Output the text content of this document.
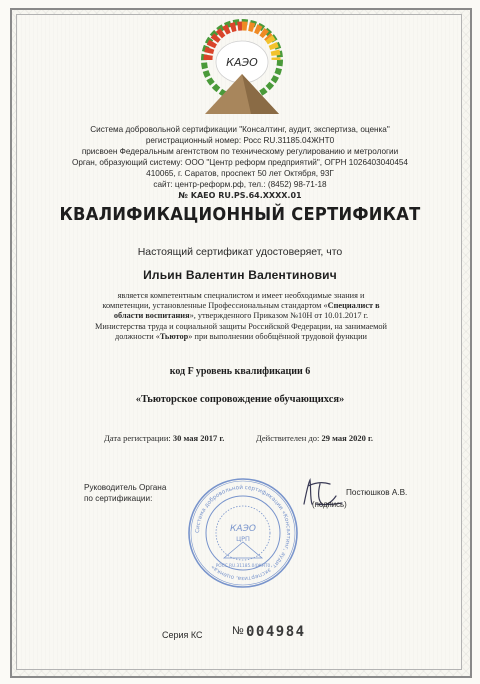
КАЭО
Система добровольной сертификации "Консалтинг, аудит, экспертиза, оценка"
регистрационный номер: Росс RU.31185.04ЖНТ0
присвоен Федеральным агентством по техническому регулированию и метрологии
Орган, образующий систему: ООО "Центр реформ предприятий", ОГРН 1026403040454
410065, г. Саратов, проспект 50 лет Октября, 93Г
сайт: центр-реформ.рф, тел.: (8452) 98-71-18
№ KAEO RU.PS.64.XXXX.01
КВАЛИФИКАЦИОННЫЙ СЕРТИФИКАТ
Настоящий сертификат удостоверяет, что
Ильин Валентин Валентинович
является компетентным специалистом и имеет необходимые знания и компетенции, установленные Профессиональным стандартом «Специалист в области воспитания», утвержденного Приказом №10Н от 10.01.2017 г. Министерства труда и социальной защиты Российской Федерации, на занимаемой должности «Тьютор» при выполнении обобщённой трудовой функции
код F уровень квалификации 6
«Тьюторское сопровождение обучающихся»
Дата регистрации: 30 мая 2017 г.	Действителен до: 29 мая 2020 г.
Руководитель Органа по сертификации:
Система добровольной сертификации «Консалтинг, аудит, экспертиза, оценка»
КАЭО
ЦРП
РОСС RU.31185.04ЖНТ0
Постюшков А.В.
(подпись)
Серия КС	№ 004984
